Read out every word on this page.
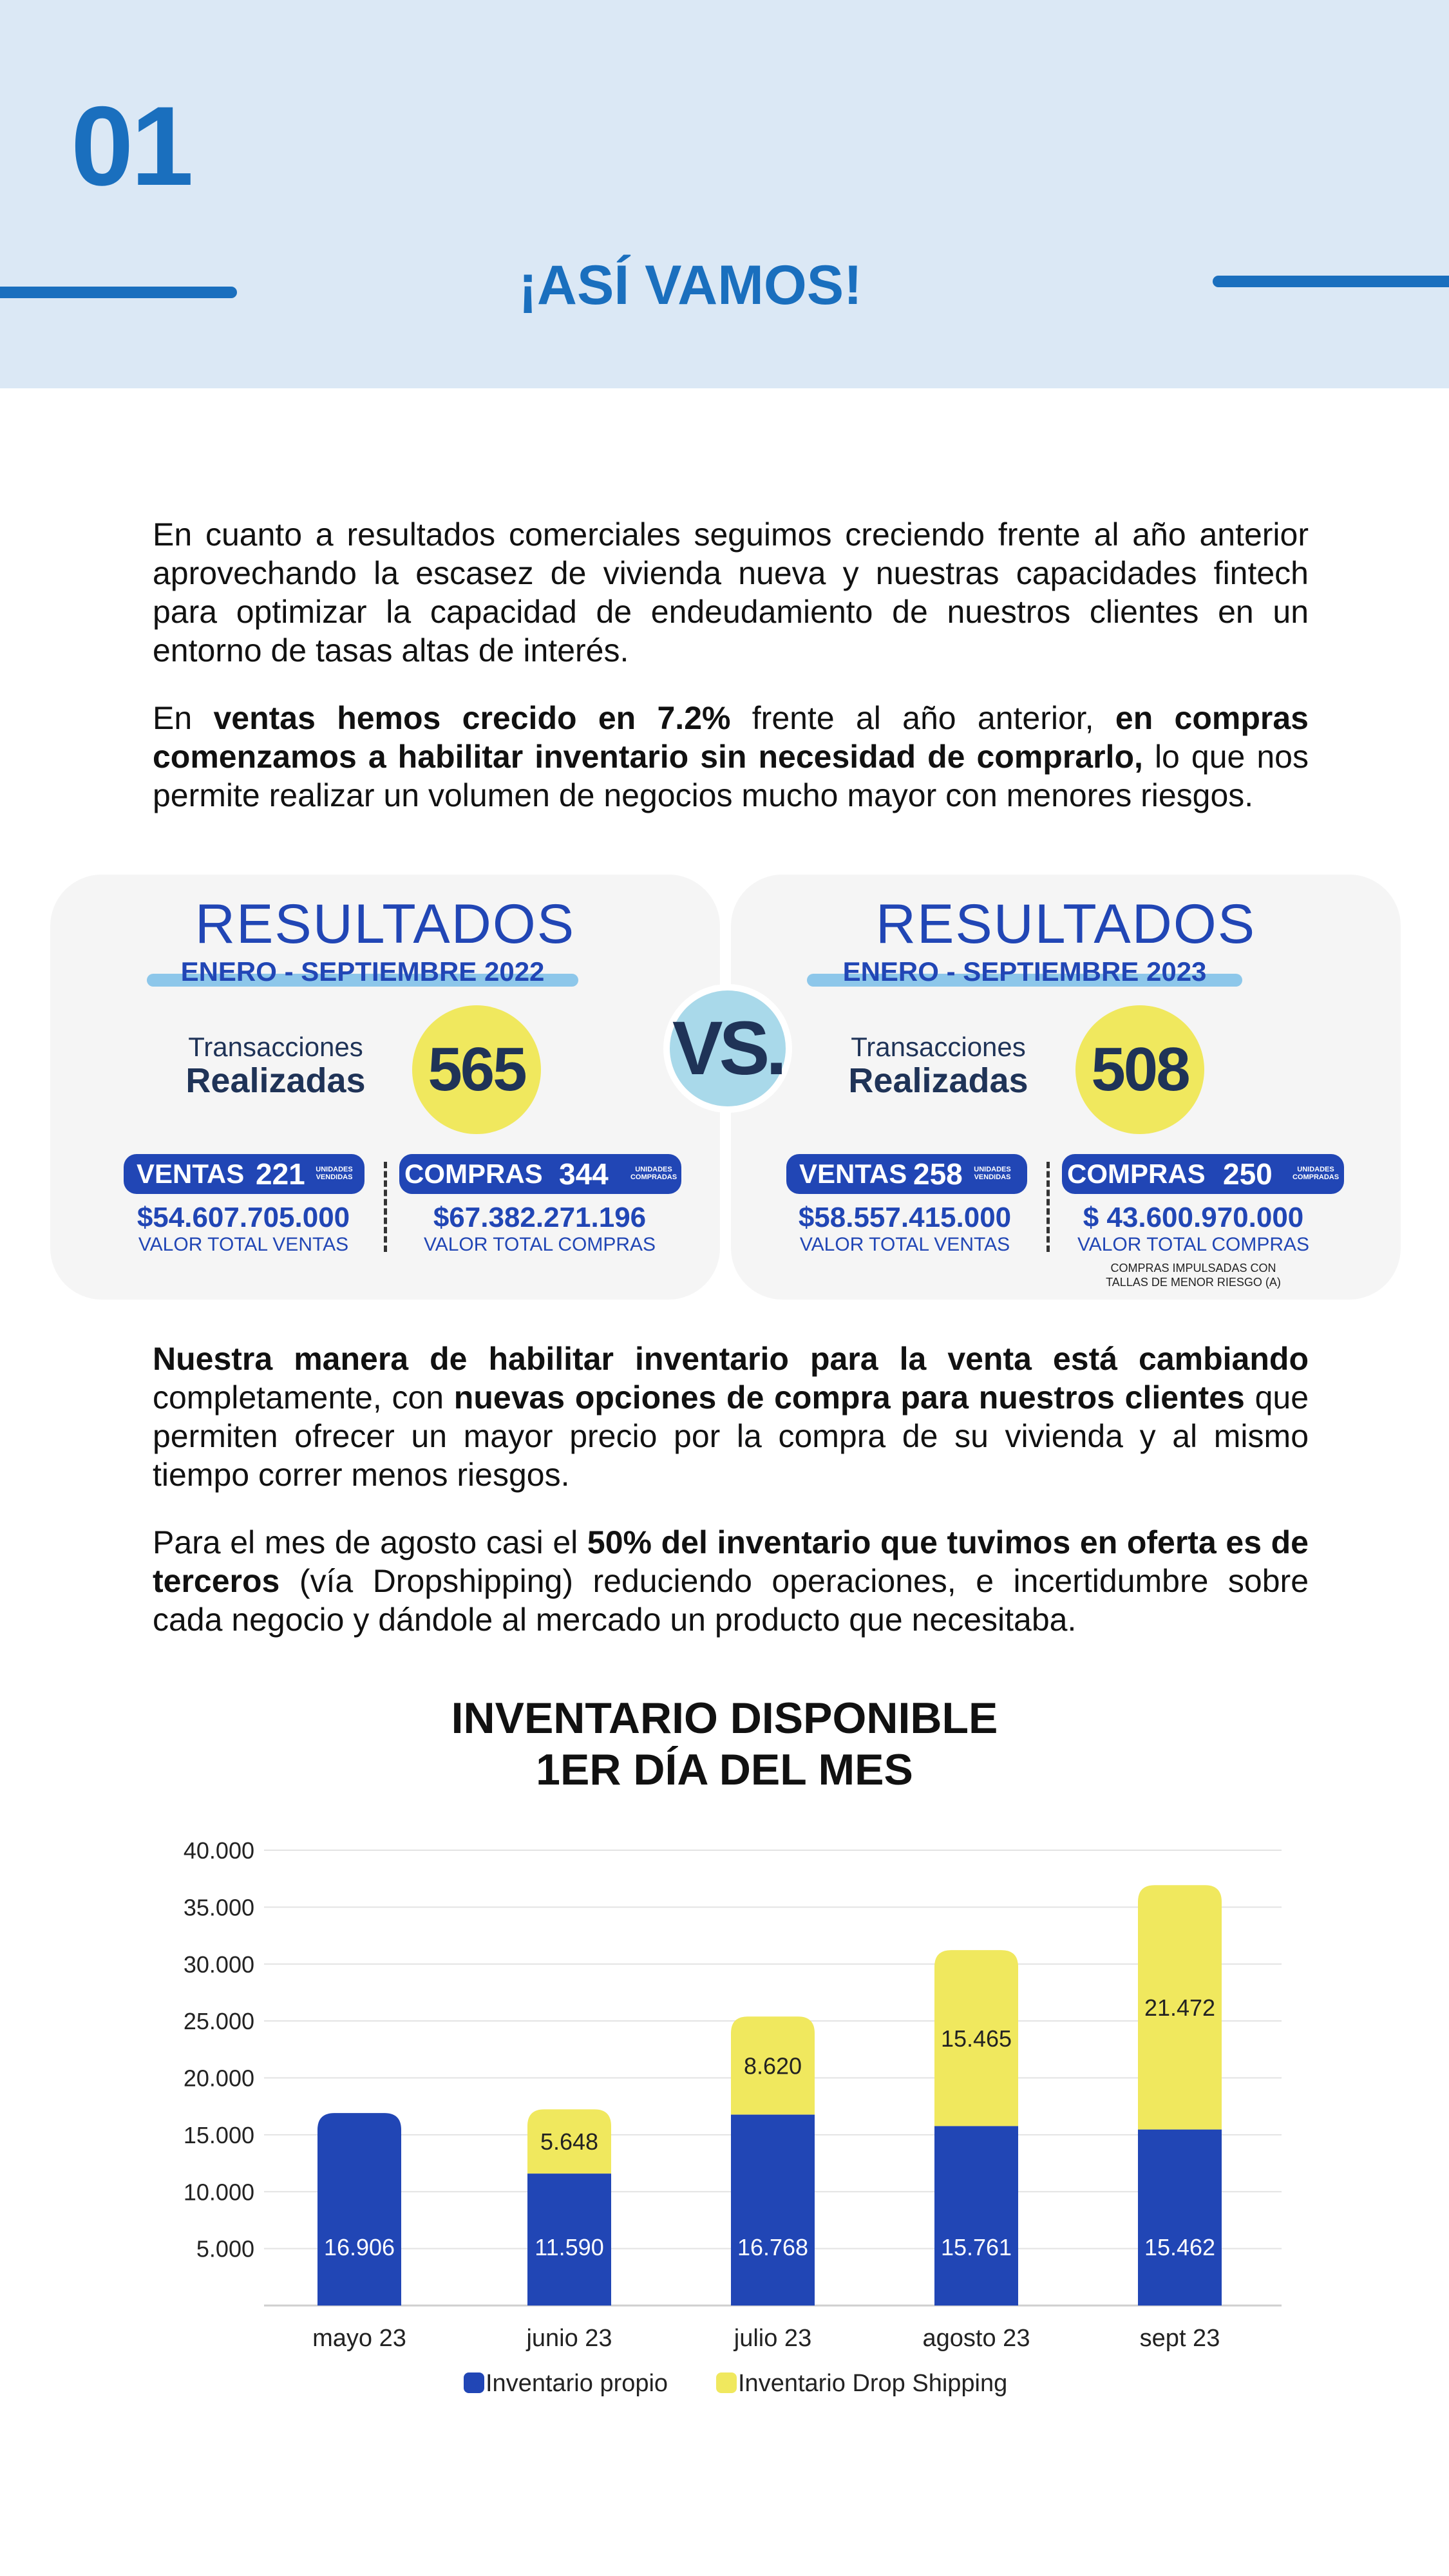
01
¡ASÍ VAMOS!
En cuanto a resultados comerciales seguimos creciendo frente al año anterior aprovechando la escasez de vivienda nueva y nuestras capacidades fintech para optimizar la capacidad de endeudamiento de nuestros clientes en un entorno de tasas altas de interés.
En ventas hemos crecido en 7.2% frente al año anterior, en compras comenzamos a habilitar inventario sin necesidad de comprarlo, lo que nos permite realizar un volumen de negocios mucho mayor con menores riesgos.
RESULTADOS
ENERO - SEPTIEMBRE 2022
Transacciones
Realizadas 565
VENTAS 221	UNIDADES
VENDIDAS COMPRAS 344	UNIDADES
COMPRADAS
$54.607.705.000
VALOR TOTAL VENTAS
$67.382.271.196
VALOR TOTAL COMPRAS
RESULTADOS
ENERO - SEPTIEMBRE 2023
Transacciones
Realizadas 508
VENTAS 258	UNIDADES
VENDIDAS COMPRAS 250	UNIDADES
COMPRADAS
$58.557.415.000
VALOR TOTAL VENTAS
$ 43.600.970.000
VALOR TOTAL COMPRAS
COMPRAS IMPULSADAS CON
TALLAS DE MENOR RIESGO (A)
VS.
Nuestra manera de habilitar inventario para la venta está cambiando completamente, con nuevas opciones de compra para nuestros clientes que permiten ofrecer un mayor precio por la compra de su vivienda y al mismo tiempo correr menos riesgos.
Para el mes de agosto casi el 50% del inventario que tuvimos en oferta es de terceros (vía Dropshipping) reduciendo operaciones, e incertidumbre sobre cada negocio y dándole al mercado un producto que necesitaba.
INVENTARIO DISPONIBLE
1ER DÍA DEL MES
5.000
10.000
15.000
20.000
25.000
30.000
35.000
40.000
16.906
mayo 23
11.590
5.648
junio 23
16.768
8.620
julio 23
15.761
15.465
agosto 23
15.462
21.472
sept 23
Inventario propio	Inventario Drop Shipping
